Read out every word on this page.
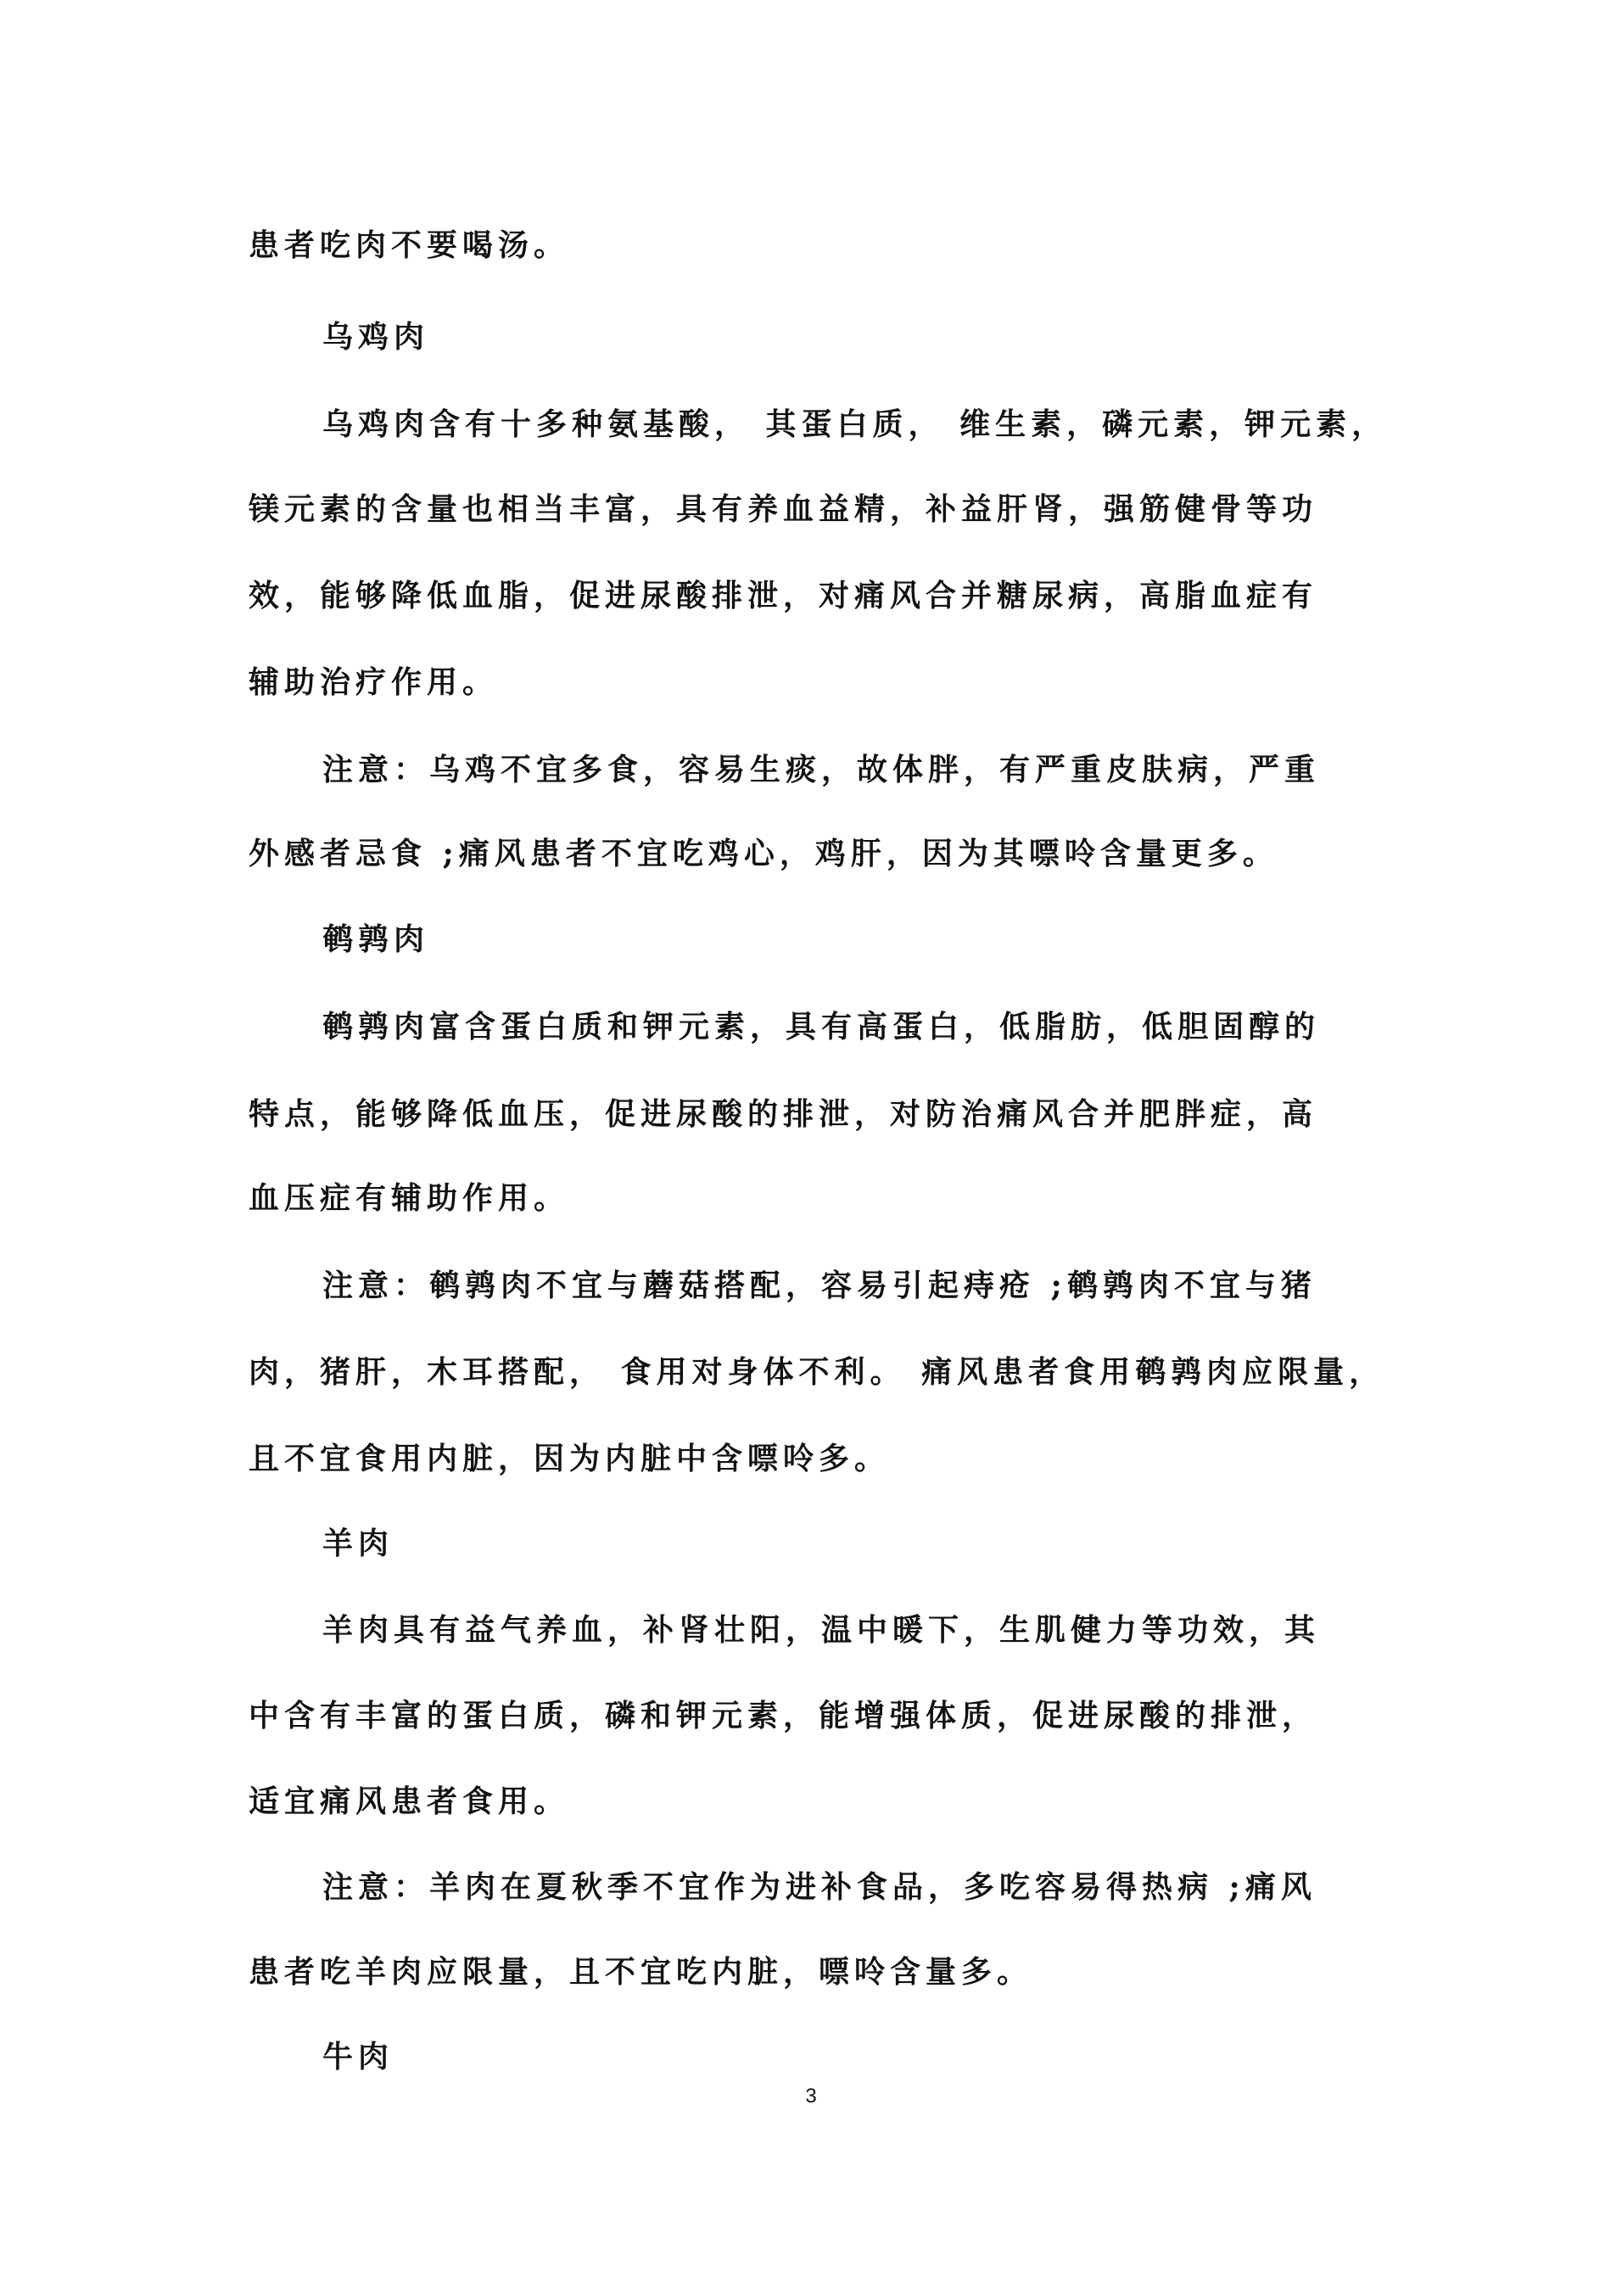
患者吃肉不要喝汤。
乌鸡肉
乌鸡肉含有十多种氨基酸， 其蛋白质， 维生素，磷元素，钾元素，
镁元素的含量也相当丰富，具有养血益精，补益肝肾，强筋健骨等功
效，能够降低血脂，促进尿酸排泄，对痛风合并糖尿病，高脂血症有
辅助治疗作用。
注意：乌鸡不宜多食，容易生痰，故体胖，有严重皮肤病，严重
外感者忌食 ;痛风患者不宜吃鸡心，鸡肝，因为其嘌呤含量更多。
鹌鹑肉
鹌鹑肉富含蛋白质和钾元素，具有高蛋白，低脂肪，低胆固醇的
特点，能够降低血压，促进尿酸的排泄，对防治痛风合并肥胖症，高
血压症有辅助作用。
注意：鹌鹑肉不宜与蘑菇搭配，容易引起痔疮 ;鹌鹑肉不宜与猪
肉，猪肝，木耳搭配， 食用对身体不利。 痛风患者食用鹌鹑肉应限量，
且不宜食用内脏，因为内脏中含嘌呤多。
羊肉
羊肉具有益气养血，补肾壮阳，温中暖下，生肌健力等功效，其
中含有丰富的蛋白质，磷和钾元素，能增强体质，促进尿酸的排泄，
适宜痛风患者食用。
注意：羊肉在夏秋季不宜作为进补食品，多吃容易得热病 ;痛风
患者吃羊肉应限量，且不宜吃内脏，嘌呤含量多。
牛肉
3
